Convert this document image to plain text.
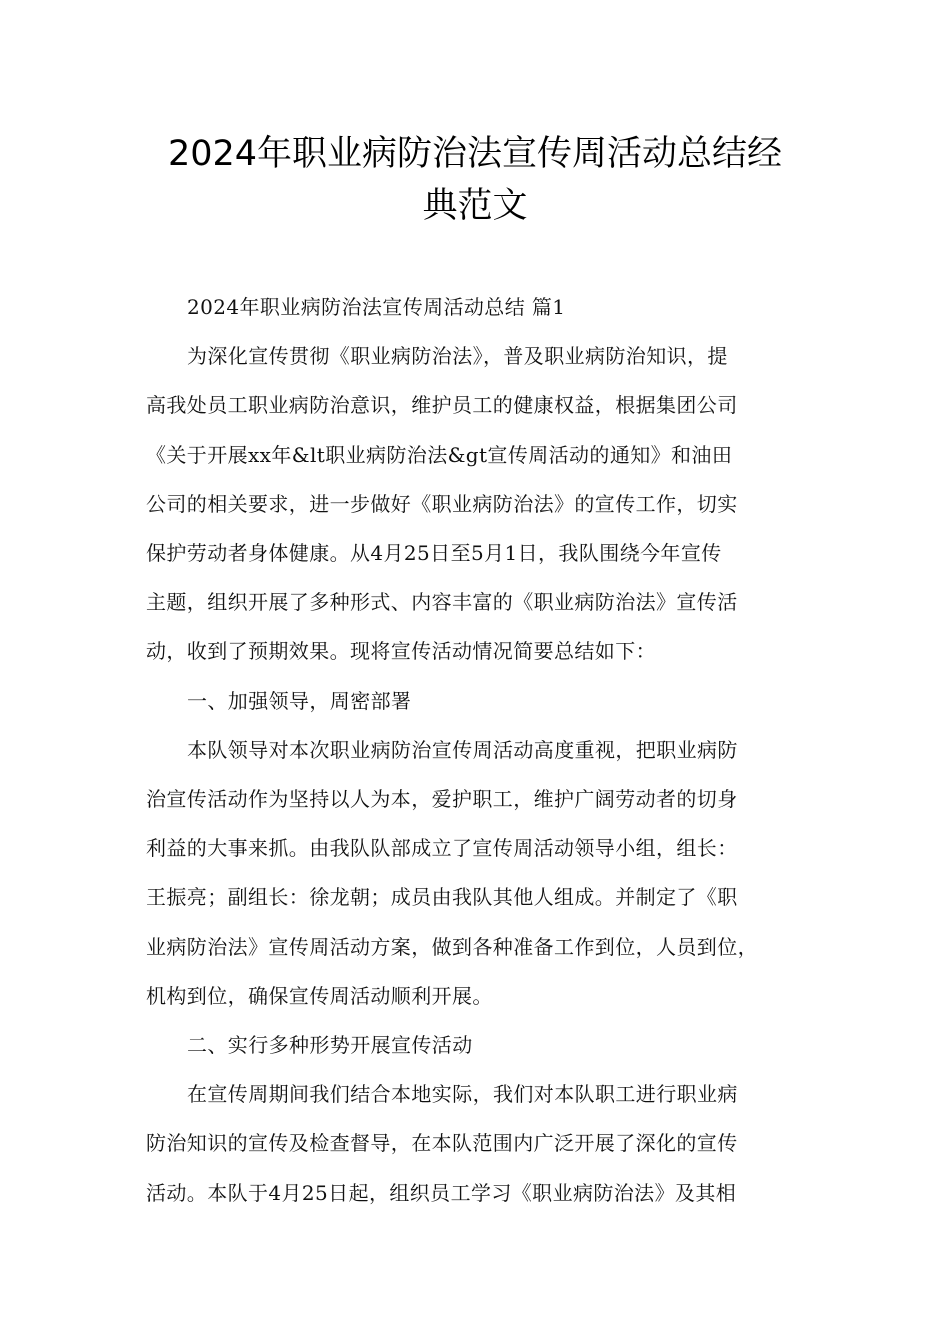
2024年职业病防治法宣传周活动总结经
典范文

2024年职业病防治法宣传周活动总结 篇1

为深化宣传贯彻《职业病防治法》，普及职业病防治知识，提
高我处员工职业病防治意识，维护员工的健康权益，根据集团公司
《关于开展xx年&lt职业病防治法&gt宣传周活动的通知》和油田
公司的相关要求，进一步做好《职业病防治法》的宣传工作，切实
保护劳动者身体健康。从4月25日至5月1日，我队围绕今年宣传
主题，组织开展了多种形式、内容丰富的《职业病防治法》宣传活
动，收到了预期效果。现将宣传活动情况简要总结如下：

一、加强领导，周密部署

本队领导对本次职业病防治宣传周活动高度重视，把职业病防
治宣传活动作为坚持以人为本，爱护职工，维护广阔劳动者的切身
利益的大事来抓。由我队队部成立了宣传周活动领导小组，组长：
王振亮；副组长：徐龙朝；成员由我队其他人组成。并制定了《职
业病防治法》宣传周活动方案，做到各种准备工作到位，人员到位，
机构到位，确保宣传周活动顺利开展。

二、实行多种形势开展宣传活动

在宣传周期间我们结合本地实际，我们对本队职工进行职业病
防治知识的宣传及检查督导，在本队范围内广泛开展了深化的宣传
活动。本队于4月25日起，组织员工学习《职业病防治法》及其相
